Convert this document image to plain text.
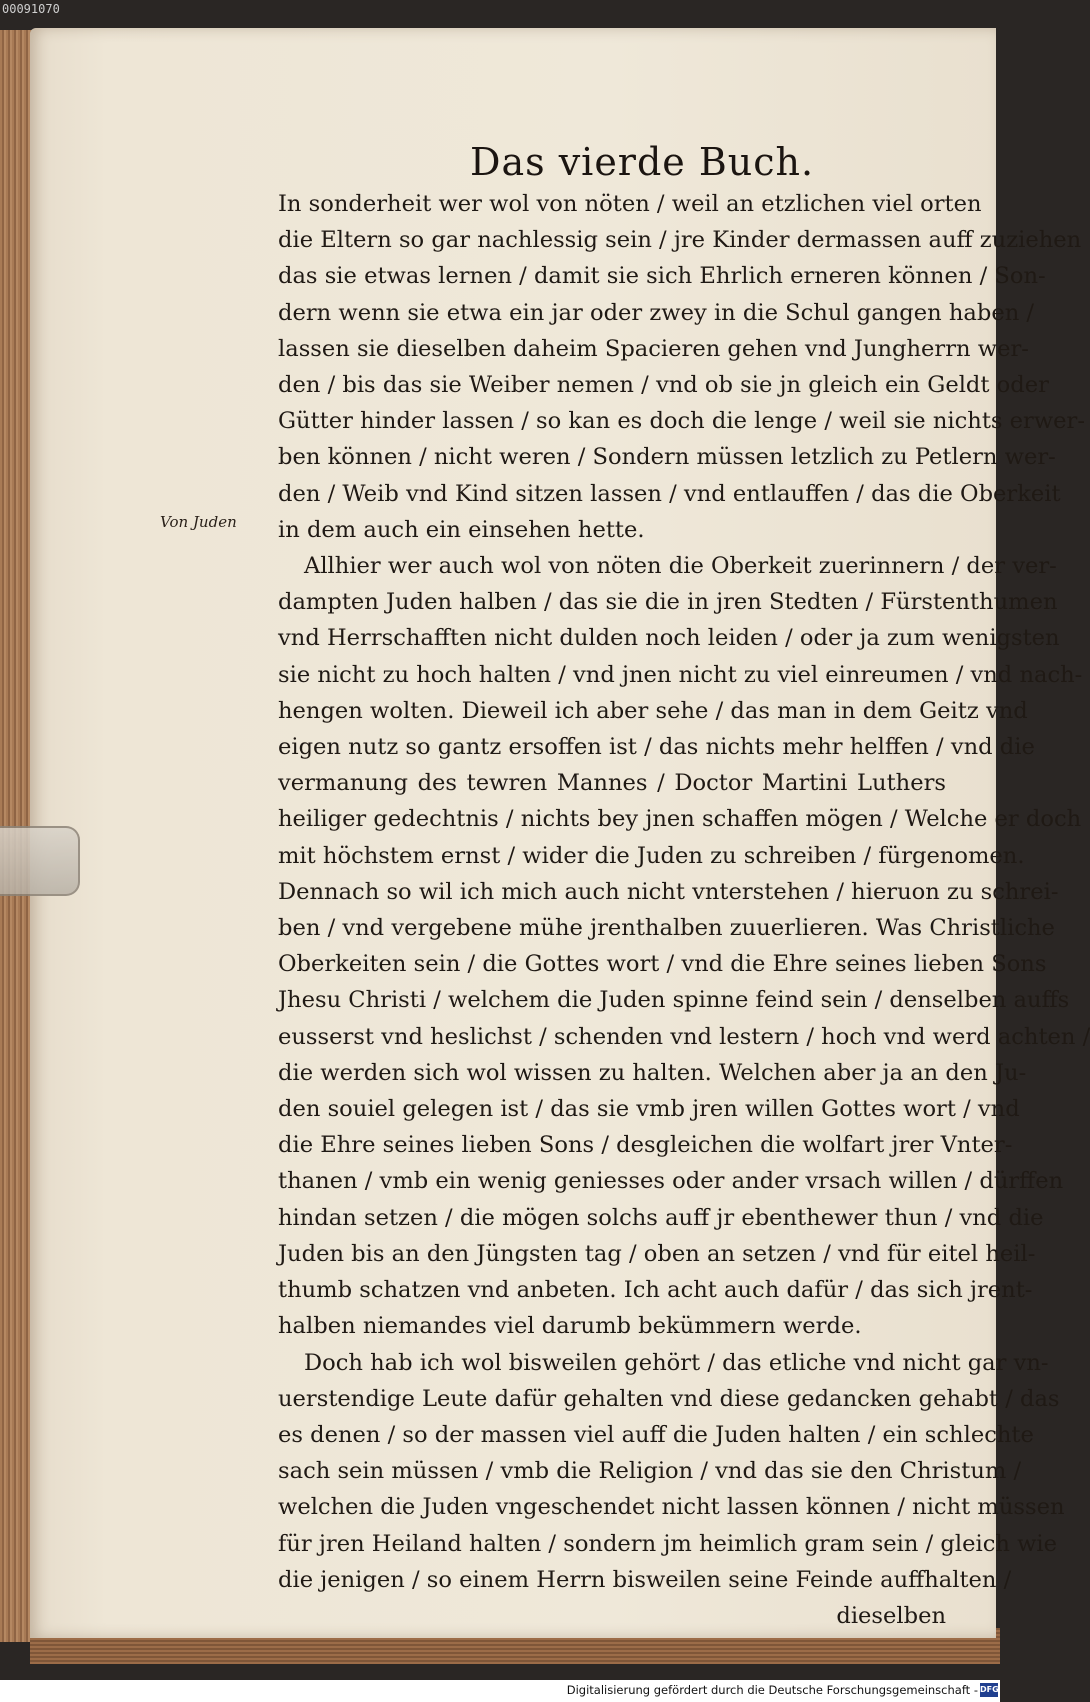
00091070
Das vierde Buch.
Von Juden
In sonderheit wer wol von nöten / weil an etzlichen viel orten
die Eltern so gar nachlessig sein / jre Kinder dermassen auff zuziehen
das sie etwas lernen / damit sie sich Ehrlich erneren können / Son-
dern wenn sie etwa ein jar oder zwey in die Schul gangen haben /
lassen sie dieselben daheim Spacieren gehen vnd Jungherrn wer-
den / bis das sie Weiber nemen / vnd ob sie jn gleich ein Geldt oder
Gütter hinder lassen / so kan es doch die lenge / weil sie nichts erwer-
ben können / nicht weren / Sondern müssen letzlich zu Petlern wer-
den / Weib vnd Kind sitzen lassen / vnd entlauffen / das die Oberkeit
in dem auch ein einsehen hette.
Allhier wer auch wol von nöten die Oberkeit zuerinnern / der ver-
dampten Juden halben / das sie die in jren Stedten / Fürstenthumen
vnd Herrschafften nicht dulden noch leiden / oder ja zum wenigsten
sie nicht zu hoch halten / vnd jnen nicht zu viel einreumen / vnd nach-
hengen wolten. Dieweil ich aber sehe / das man in dem Geitz vnd
eigen nutz so gantz ersoffen ist / das nichts mehr helffen / vnd die
vermanung des tewren Mannes / Doctor Martini Luthers
heiliger gedechtnis / nichts bey jnen schaffen mögen / Welche er doch
mit höchstem ernst / wider die Juden zu schreiben / fürgenomen.
Dennach so wil ich mich auch nicht vnterstehen / hieruon zu schrei-
ben / vnd vergebene mühe jrenthalben zuuerlieren. Was Christliche
Oberkeiten sein / die Gottes wort / vnd die Ehre seines lieben Sons
Jhesu Christi / welchem die Juden spinne feind sein / denselben auffs
eusserst vnd heslichst / schenden vnd lestern / hoch vnd werd achten /
die werden sich wol wissen zu halten. Welchen aber ja an den Ju-
den souiel gelegen ist / das sie vmb jren willen Gottes wort / vnd
die Ehre seines lieben Sons / desgleichen die wolfart jrer Vnter-
thanen / vmb ein wenig geniesses oder ander vrsach willen / dürffen
hindan setzen / die mögen solchs auff jr ebenthewer thun / vnd die
Juden bis an den Jüngsten tag / oben an setzen / vnd für eitel heil-
thumb schatzen vnd anbeten. Ich acht auch dafür / das sich jrent-
halben niemandes viel darumb bekümmern werde.
Doch hab ich wol bisweilen gehört / das etliche vnd nicht gar vn-
uerstendige Leute dafür gehalten vnd diese gedancken gehabt / das
es denen / so der massen viel auff die Juden halten / ein schlechte
sach sein müssen / vmb die Religion / vnd das sie den Christum /
welchen die Juden vngeschendet nicht lassen können / nicht müssen
für jren Heiland halten / sondern jm heimlich gram sein / gleich wie
die jenigen / so einem Herrn bisweilen seine Feinde auffhalten /
dieselben
Digitalisierung gefördert durch die Deutsche Forschungsgemeinschaft - DFG
